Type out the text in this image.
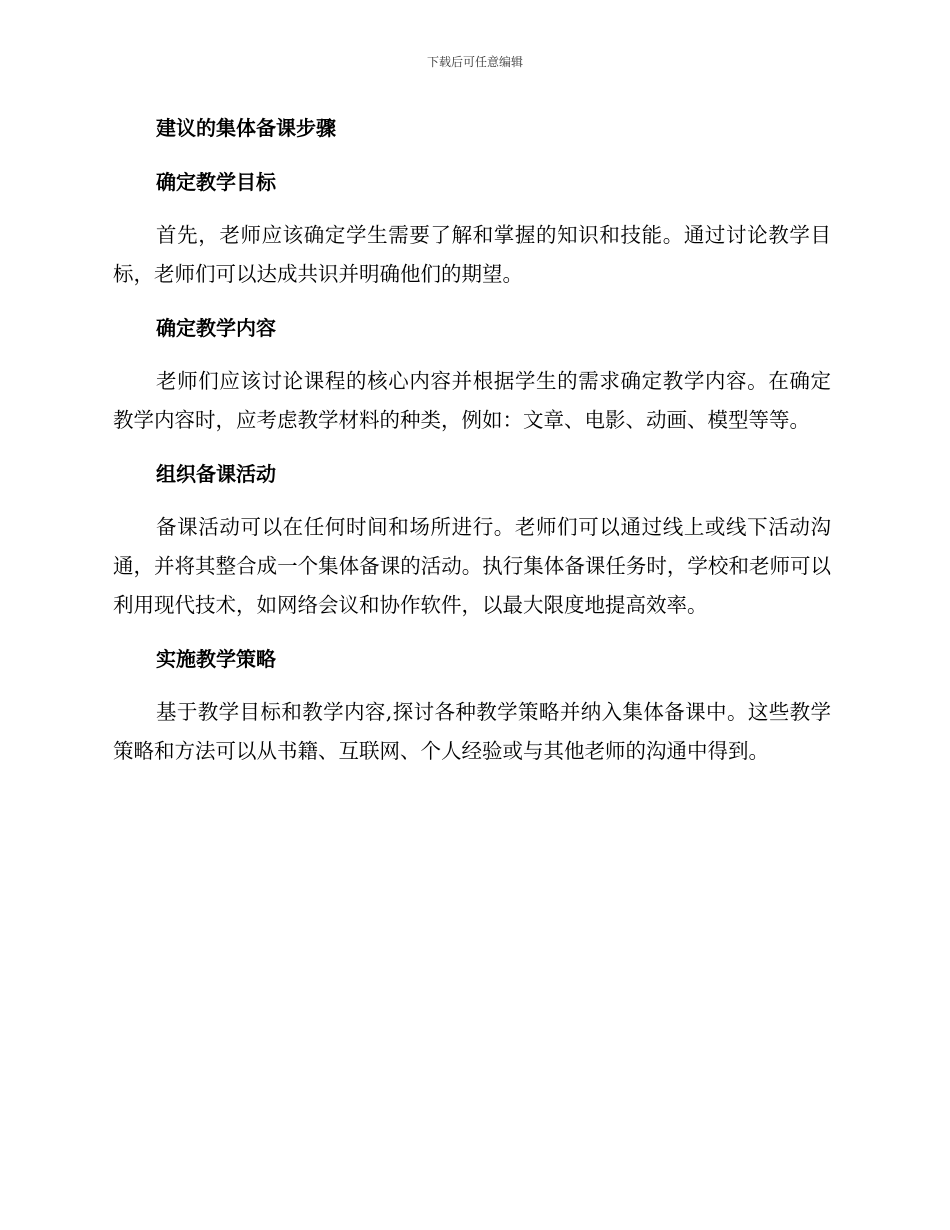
下载后可任意编辑
建议的集体备课步骤
确定教学目标

首先，老师应该确定学生需要了解和掌握的知识和技能。通过讨论教学目标，老师们可以达成共识并明确他们的期望。

确定教学内容

老师们应该讨论课程的核心内容并根据学生的需求确定教学内容。在确定教学内容时，应考虑教学材料的种类，例如：文章、电影、动画、模型等等。

组织备课活动

备课活动可以在任何时间和场所进行。老师们可以通过线上或线下活动沟通，并将其整合成一个集体备课的活动。执行集体备课任务时，学校和老师可以利用现代技术，如网络会议和协作软件，以最大限度地提高效率。

实施教学策略

基于教学目标和教学内容,探讨各种教学策略并纳入集体备课中。这些教学策略和方法可以从书籍、互联网、个人经验或与其他老师的沟通中得到。
